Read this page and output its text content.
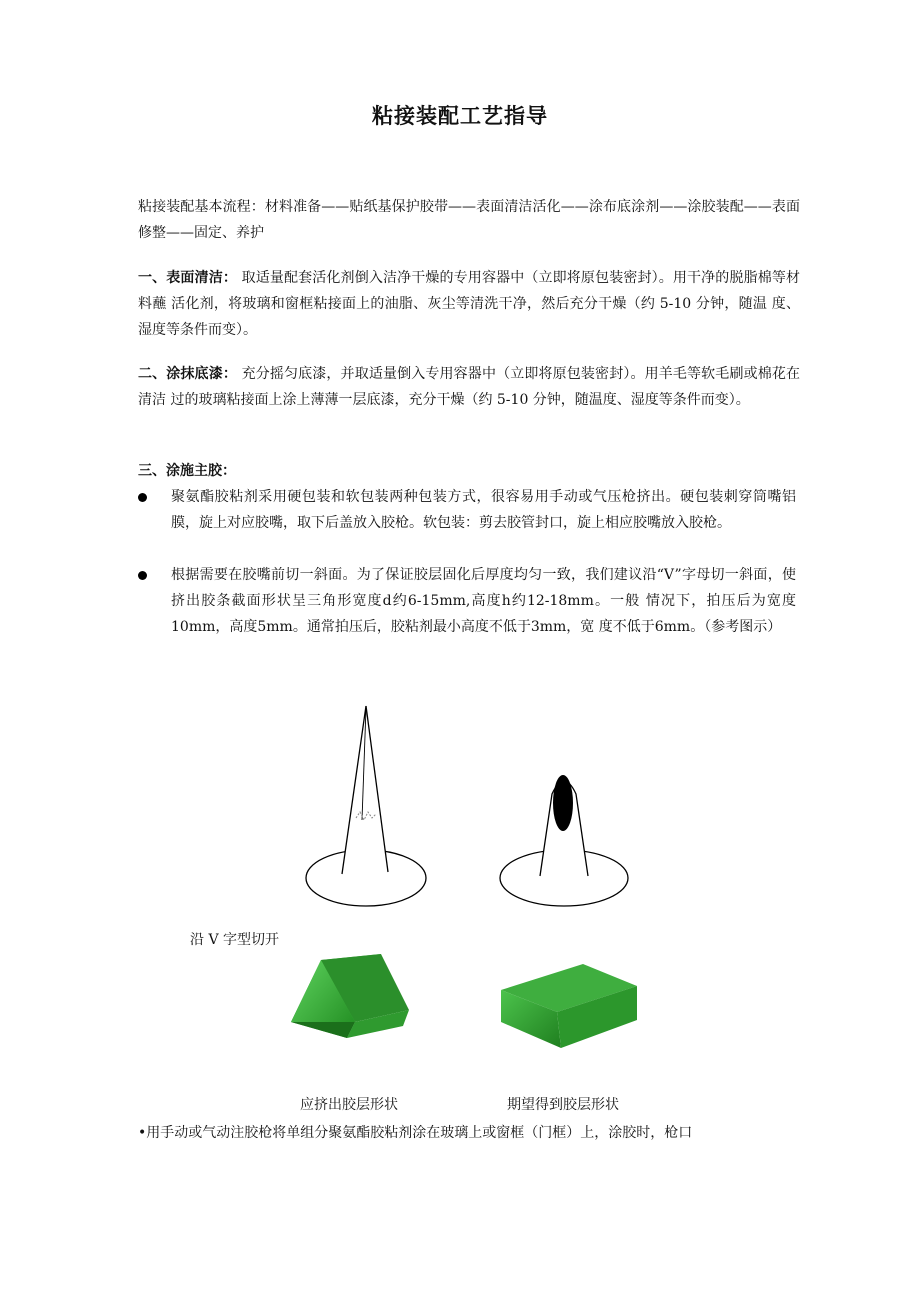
粘接装配工艺指导
粘接装配基本流程：材料准备——贴纸基保护胶带——表面清洁活化——涂布底涂剂——涂胶装配——表面修整——固定、养护
一、表面清洁： 取适量配套活化剂倒入洁净干燥的专用容器中（立即将原包装密封）。用干净的脱脂棉等材料蘸 活化剂，将玻璃和窗框粘接面上的油脂、灰尘等清洗干净，然后充分干燥（约 5-10 分钟，随温 度、湿度等条件而变）。
二、涂抹底漆： 充分摇匀底漆，并取适量倒入专用容器中（立即将原包装密封）。用羊毛等软毛刷或棉花在清洁 过的玻璃粘接面上涂上薄薄一层底漆，充分干燥（约 5-10 分钟，随温度、湿度等条件而变）。
三、涂施主胶：
聚氨酯胶粘剂采用硬包装和软包装两种包装方式，很容易用手动或气压枪挤出。硬包装刺穿筒嘴铝膜，旋上对应胶嘴，取下后盖放入胶枪。软包装：剪去胶管封口，旋上相应胶嘴放入胶枪。
根据需要在胶嘴前切一斜面。为了保证胶层固化后厚度均匀一致，我们建议沿“V”字母切一斜面，使挤出胶条截面形状呈三角形宽度d约6-15mm,高度h约12-18mm。一般 情况下，拍压后为宽度10mm，高度5mm。通常拍压后，胶粘剂最小高度不低于3mm，宽 度不低于6mm。（参考图示）
沿 V 字型切开
应挤出胶层形状	期望得到胶层形状
•用手动或气动注胶枪将单组分聚氨酯胶粘剂涂在玻璃上或窗框（门框）上，涂胶时，枪口
